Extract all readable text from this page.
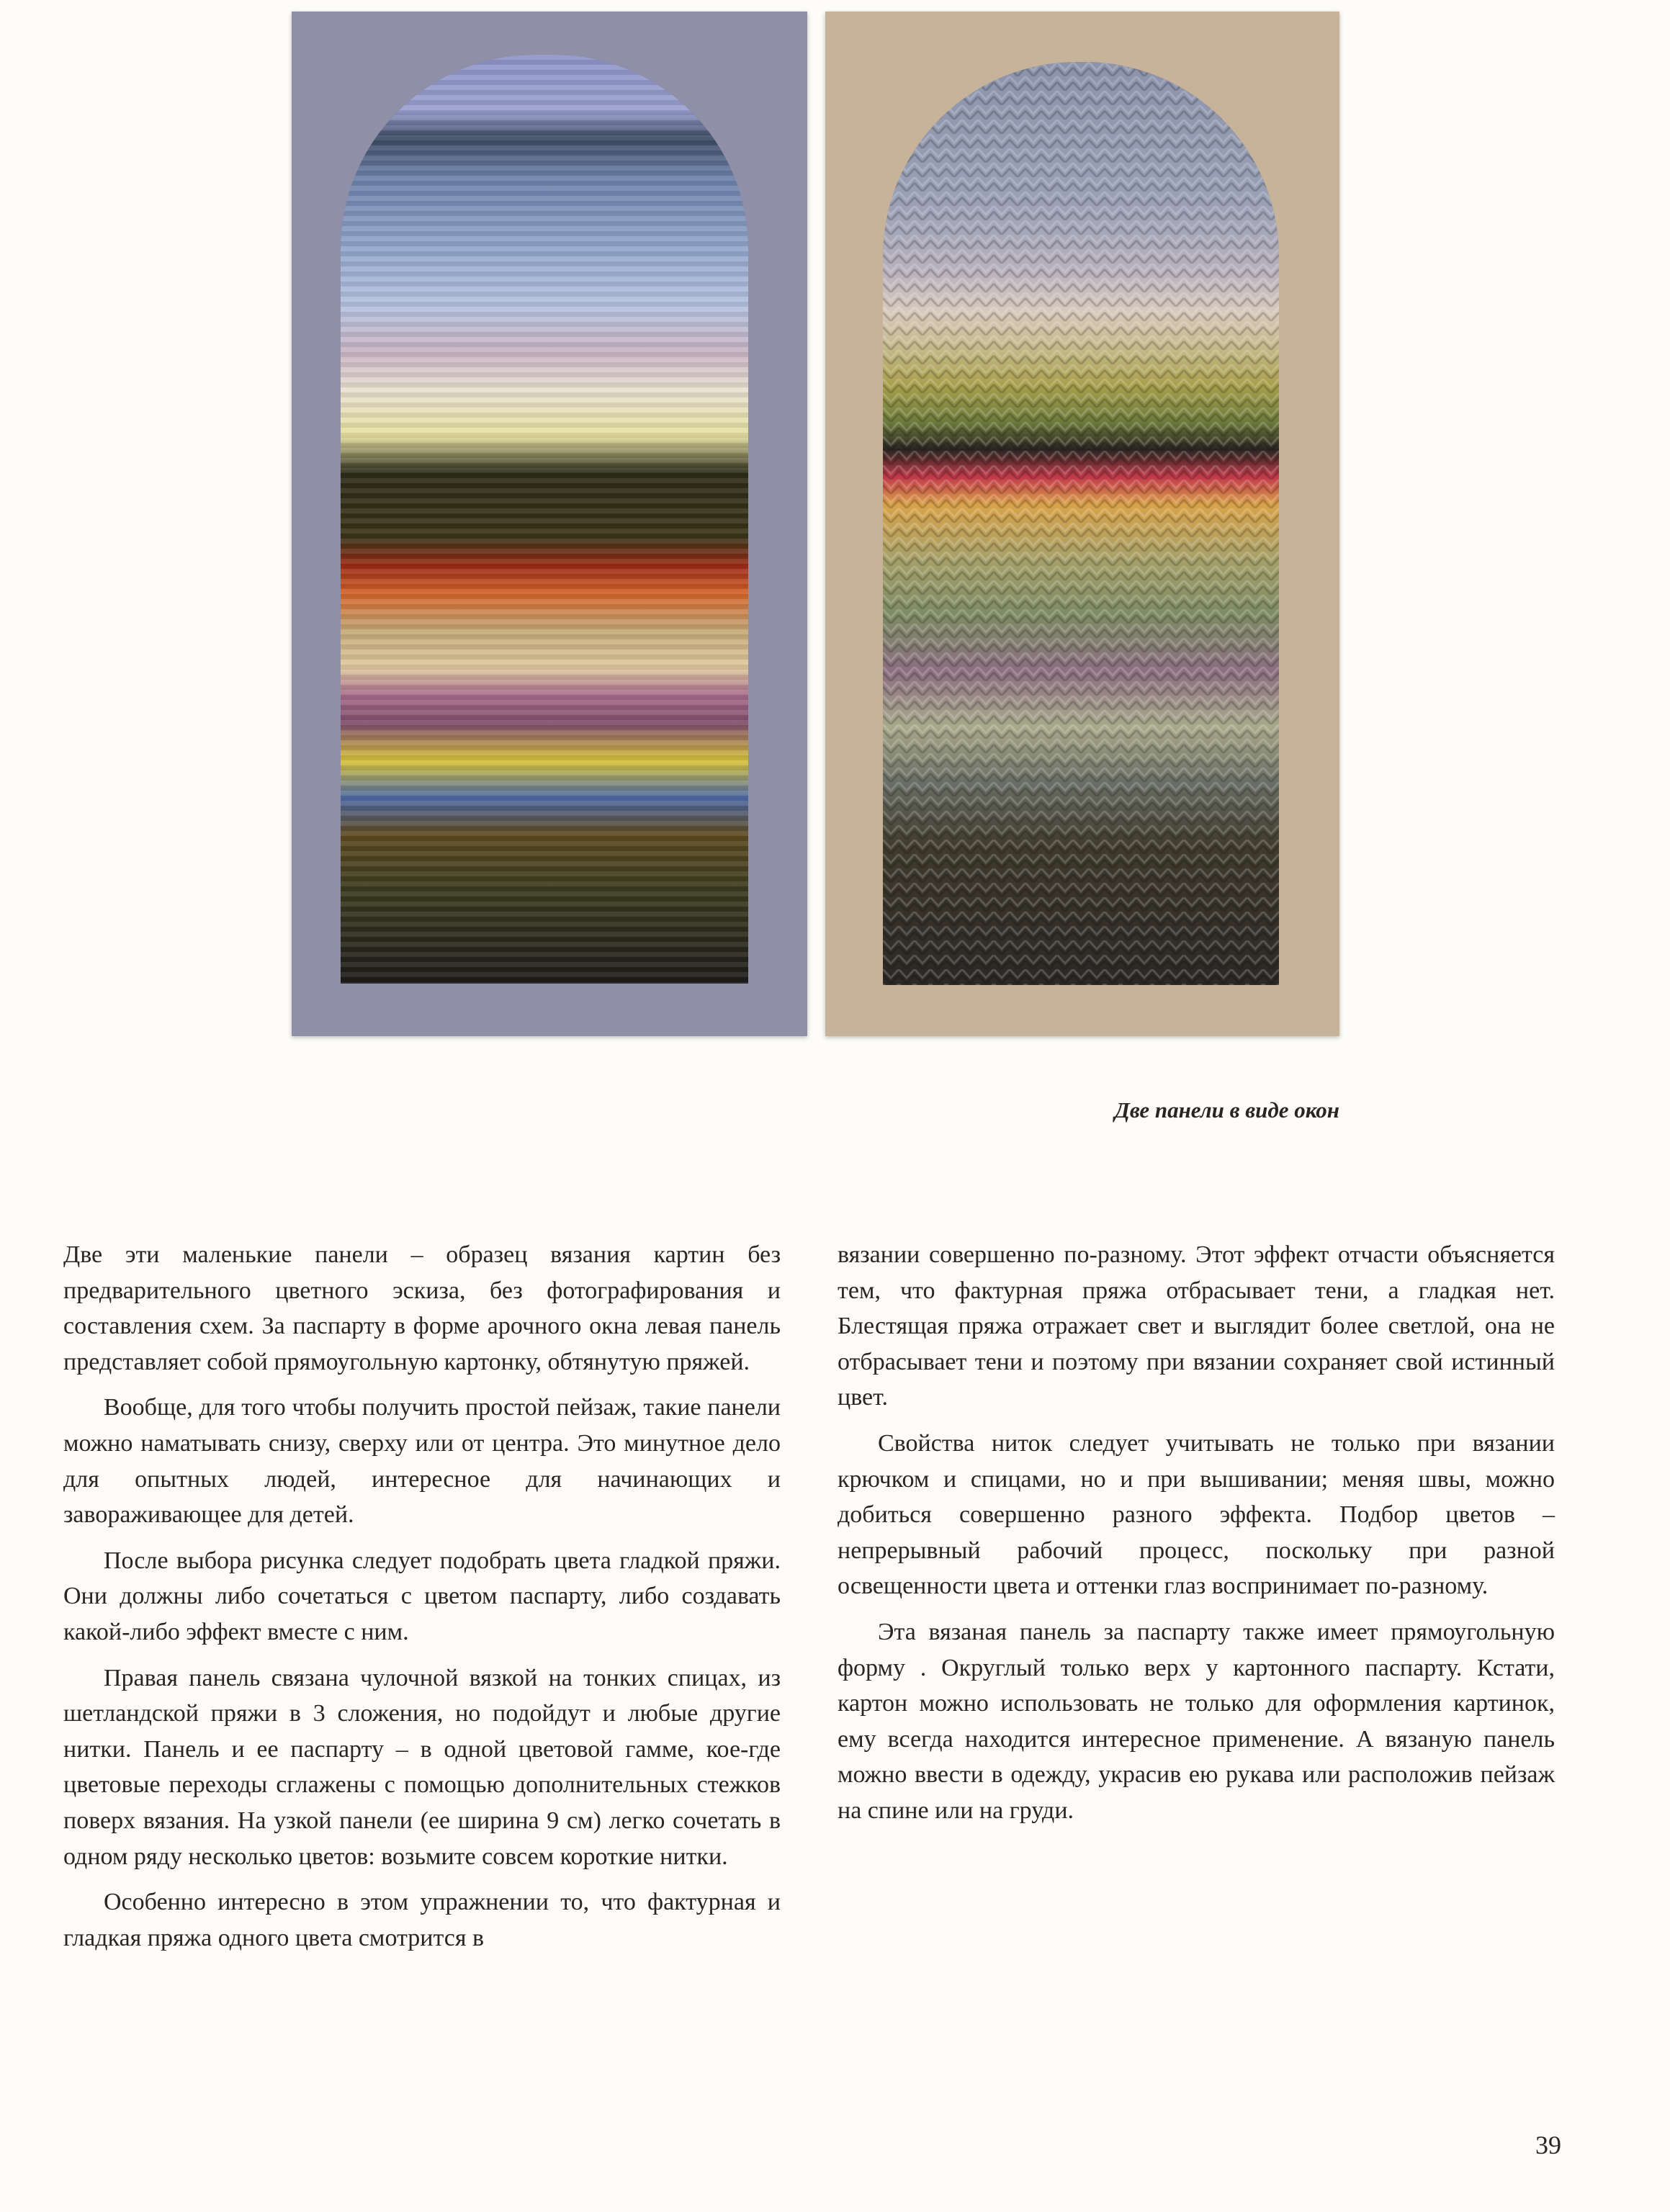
Две панели в виде окон

Две эти маленькие панели – образец вязания картин без предварительного цветного эскиза, без фотографирования и составления схем. За паспарту в форме арочного окна левая панель представляет собой прямоугольную картонку, обтянутую пряжей.

Вообще, для того чтобы получить простой пейзаж, такие панели можно наматывать снизу, сверху или от центра. Это минутное дело для опытных людей, интересное для начинающих и завораживающее для детей.

После выбора рисунка следует подобрать цвета гладкой пряжи. Они должны либо сочетаться с цветом паспарту, либо создавать какой-либо эффект вместе с ним.

Правая панель связана чулочной вязкой на тонких спицах, из шетландской пряжи в 3 сложения, но подойдут и любые другие нитки. Панель и ее паспарту – в одной цветовой гамме, кое-где цветовые переходы сглажены с помощью дополнительных стежков поверх вязания. На узкой панели (ее ширина 9 см) легко сочетать в одном ряду несколько цветов: возьмите совсем короткие нитки.

Особенно интересно в этом упражнении то, что фактурная и гладкая пряжа одного цвета смотрится в

вязании совершенно по-разному. Этот эффект отчасти объясняется тем, что фактурная пряжа отбрасывает тени, а гладкая нет. Блестящая пряжа отражает свет и выглядит более светлой, она не отбрасывает тени и поэтому при вязании сохраняет свой истинный цвет.

Свойства ниток следует учитывать не только при вязании крючком и спицами, но и при вышивании; меняя швы, можно добиться совершенно разного эффекта. Подбор цветов – непрерывный рабочий процесс, поскольку при разной освещенности цвета и оттенки глаз воспринимает по-разному.

Эта вязаная панель за паспарту также имеет прямоугольную форму . Округлый только верх у картонного паспарту. Кстати, картон можно использовать не только для оформления картинок, ему всегда находится интересное применение. А вязаную панель можно ввести в одежду, украсив ею рукава или расположив пейзаж на спине или на груди.

39
